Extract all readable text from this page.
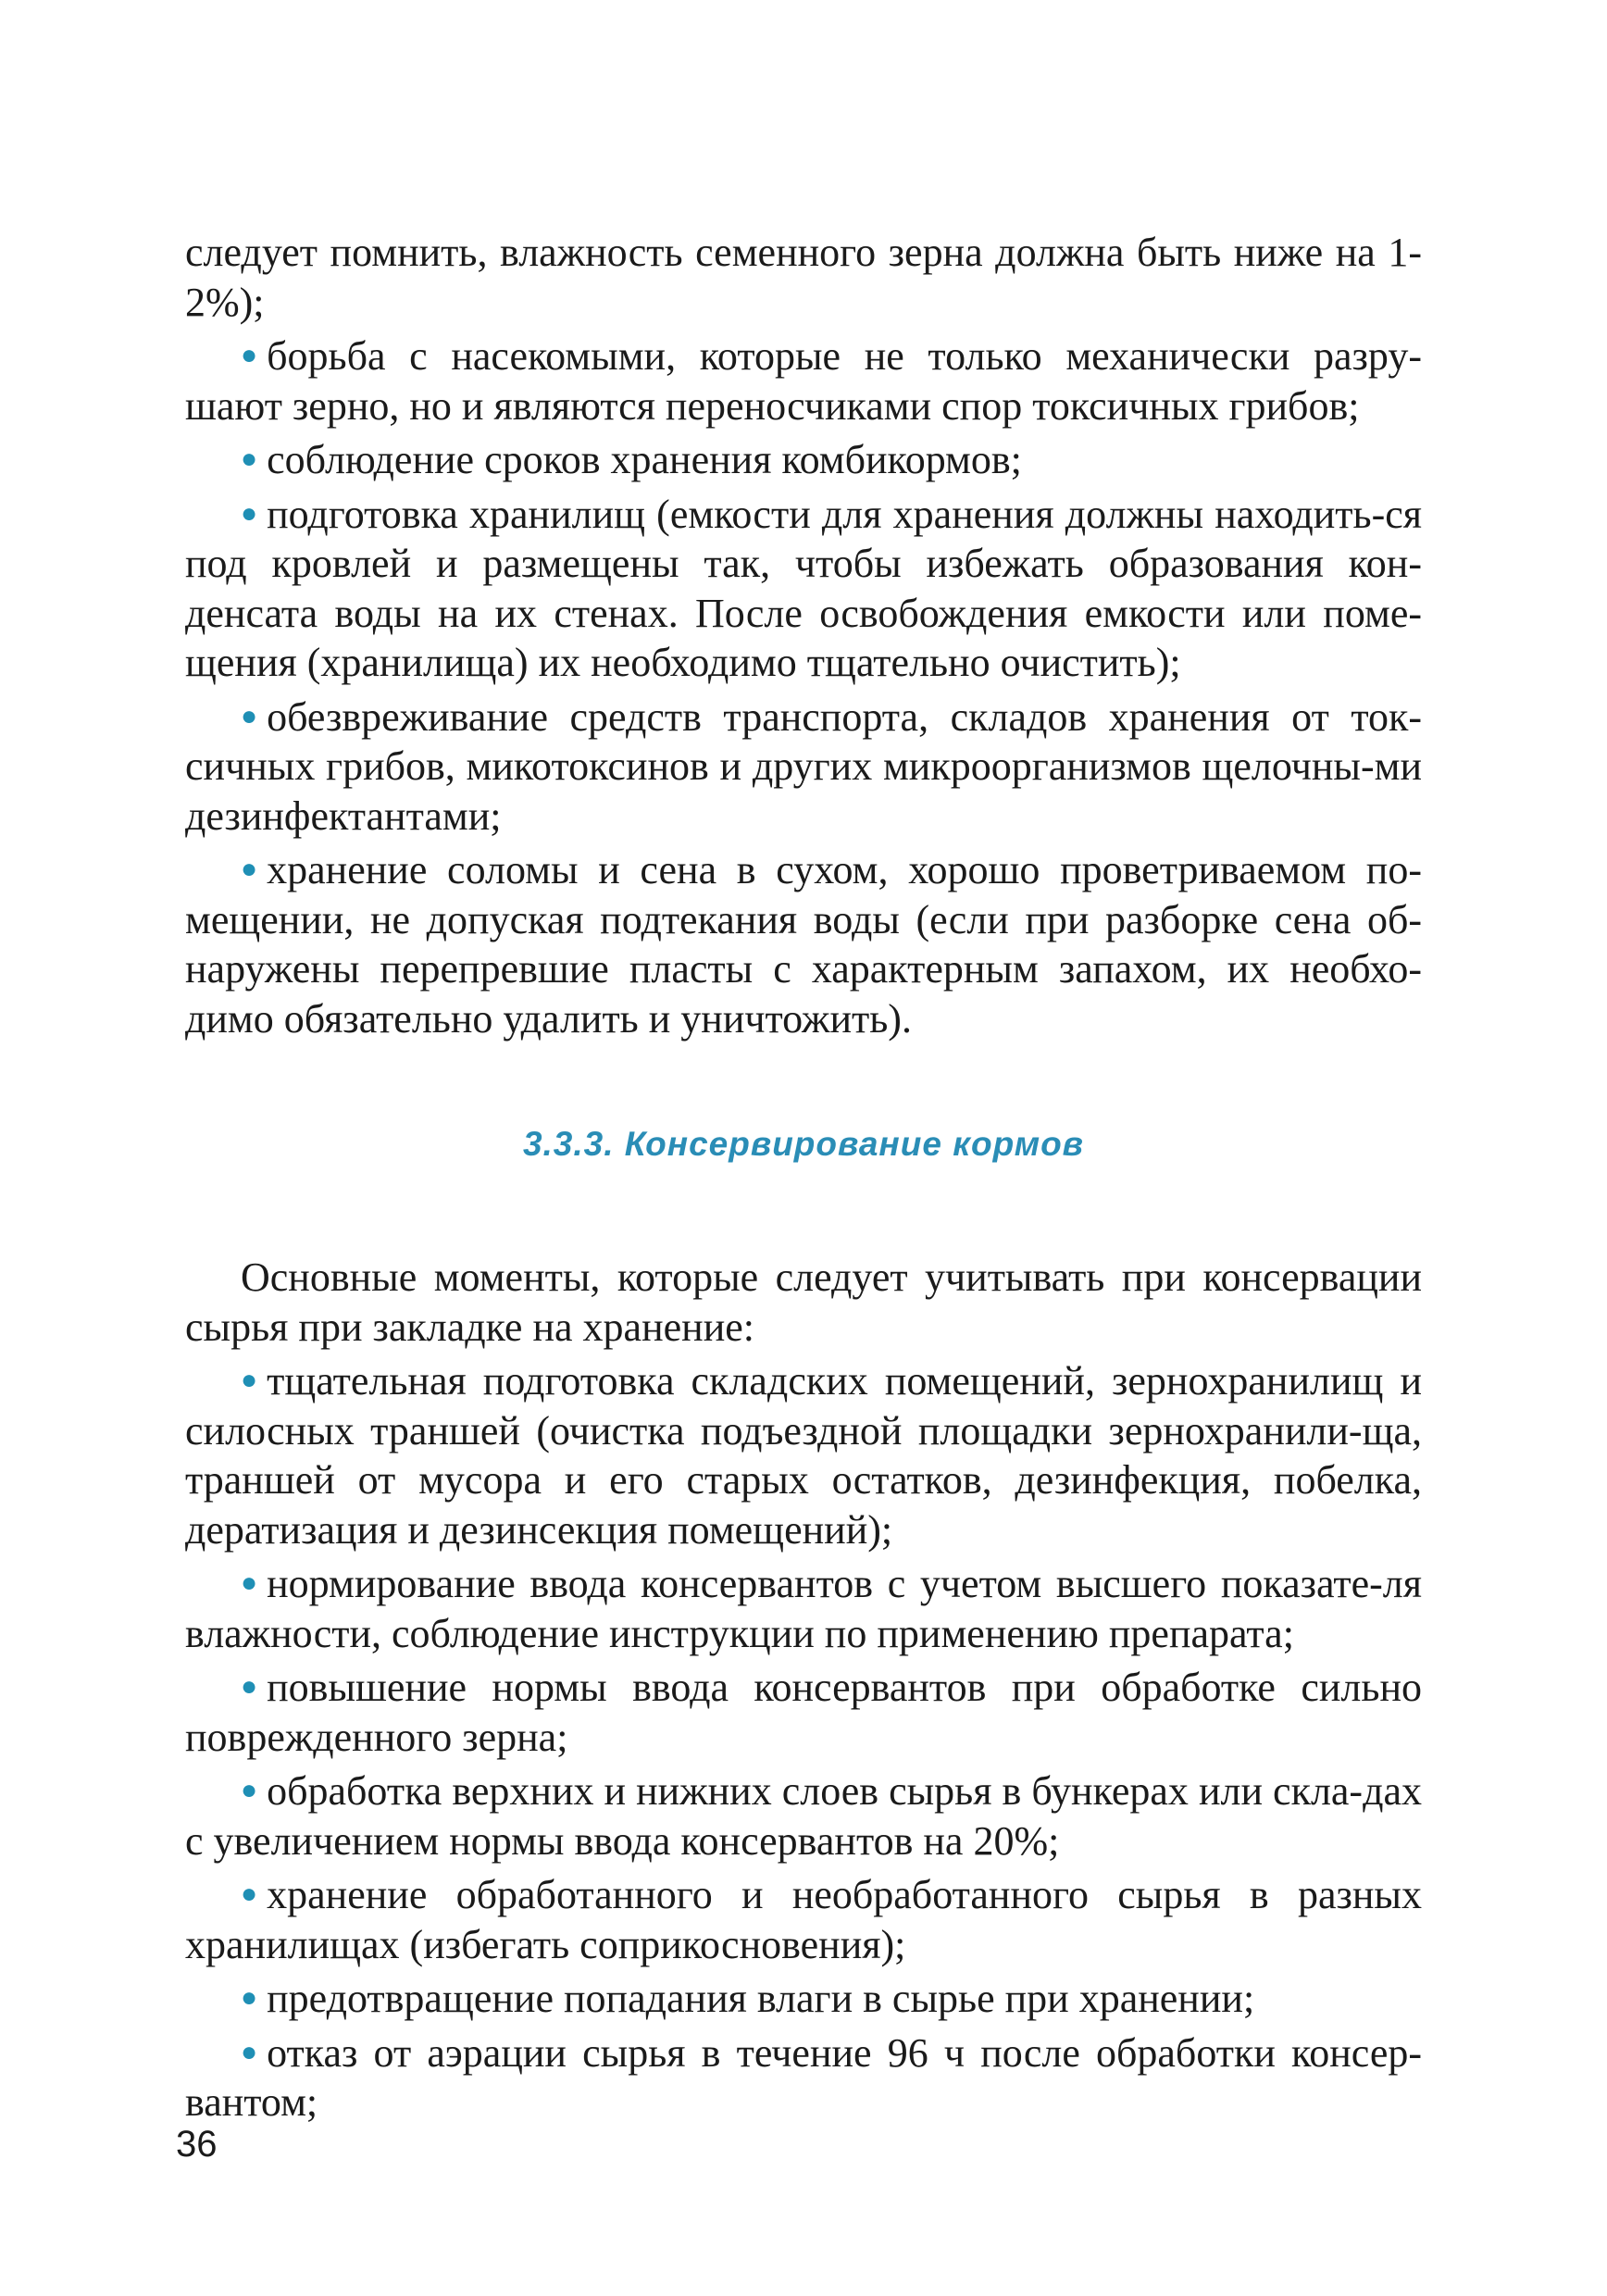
следует помнить, влажность семенного зерна должна быть ниже на 1-2%);

● борьба с насекомыми, которые не только механически разру-шают зерно, но и являются переносчиками спор токсичных грибов;

● соблюдение сроков хранения комбикормов;

● подготовка хранилищ (емкости для хранения должны находить-ся под кровлей и размещены так, чтобы избежать образования кон-денсата воды на их стенах. После освобождения емкости или поме-щения (хранилища) их необходимо тщательно очистить);

● обезвреживание средств транспорта, складов хранения от ток-сичных грибов, микотоксинов и других микроорганизмов щелочны-ми дезинфектантами;

● хранение соломы и сена в сухом, хорошо проветриваемом по-мещении, не допуская подтекания воды (если при разборке сена об-наружены перепревшие пласты с характерным запахом, их необхо-димо обязательно удалить и уничтожить).

3.3.3. Консервирование кормов

Основные моменты, которые следует учитывать при консервации сырья при закладке на хранение:

● тщательная подготовка складских помещений, зернохранилищ и силосных траншей (очистка подъездной площадки зернохранили-ща, траншей от мусора и его старых остатков, дезинфекция, побелка, дератизация и дезинсекция помещений);

● нормирование ввода консервантов с учетом высшего показате-ля влажности, соблюдение инструкции по применению препарата;

● повышение нормы ввода консервантов при обработке сильно поврежденного зерна;

● обработка верхних и нижних слоев сырья в бункерах или скла-дах с увеличением нормы ввода консервантов на 20%;

● хранение обработанного и необработанного сырья в разных хранилищах (избегать соприкосновения);

● предотвращение попадания влаги в сырье при хранении;

● отказ от аэрации сырья в течение 96 ч после обработки консер-вантом;

36
